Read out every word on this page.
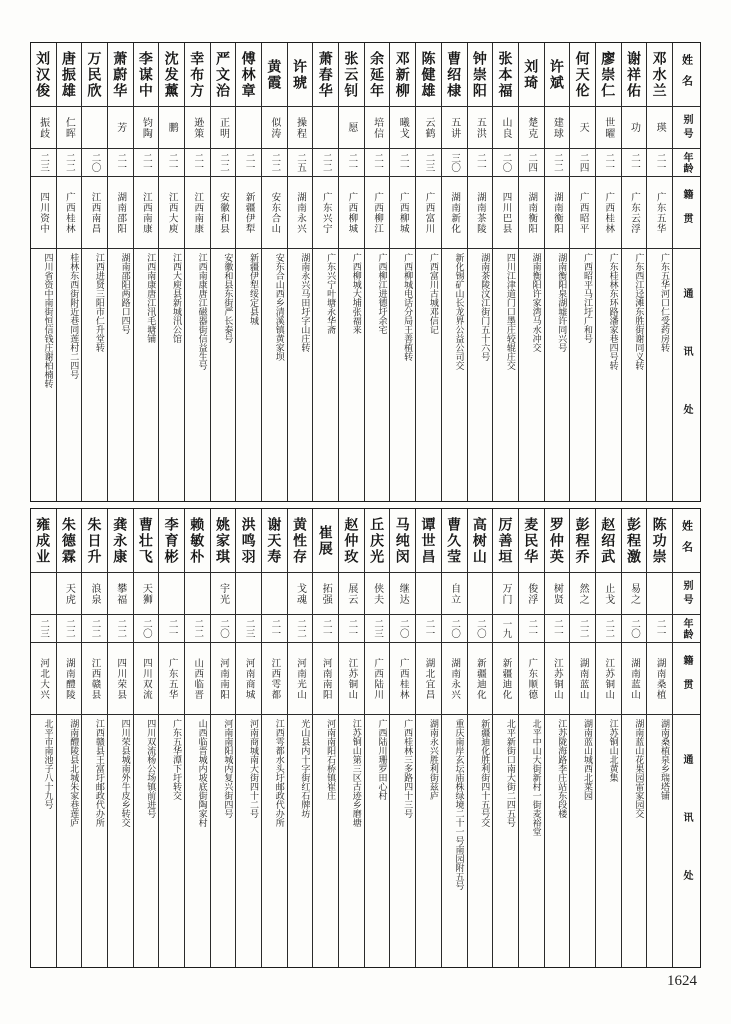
姓名
别号
年龄
籍贯
通讯处
邓水兰
瑛
二一
广东五华
广东五华河口仁受药房转
谢祥佑
功
二一
广东云浮
广东西江迳滩东胜街谢同义转
廖崇仁
世曜
二一
广西桂林
广东桂林东环路潘家巷四号转
何天伦
天
二四
广西昭平
广西昭平马江圩广和号
许斌
建球
二二
湖南衡阳
湖南衡阳泉湖墟许同兴号
刘琦
楚克
二四
湖南衡阳
湖南衡阳许家湾马水冲交
张本福
山良
二〇
四川巴县
四川江津道门口墨庄较辊庄交
钟崇阳
五洪
二一
湖南茶陵
湖南茶陵汶江街门五十六号
曹绍棣
五讲
三〇
湖南新化
新化锡矿山长龙界公益公司交
陈健雄
云鹤
二三
广西富川
广西富川古城邓信记
邓新柳
曦戈
二一
广西柳城
广西柳城电话分局王善植转
余延年
培信
二一
广西柳江
广西柳江进德圩余宅
张云钊
愿
二一
广西柳城
广西柳城大埔张福来
萧春华
二二
广东兴宁
广东兴宁叶塘永华斋
许琥
操程
二五
湖南永兴
湖南永兴马田圩字山庄转
黄霞
似涛
二二
安东合山
安东合山西乡清溪镇黄家坝
傅林章
二一
新疆伊犁
新疆伊犁绥定县城
严文治
正明
二二
安徽和县
安徽和县东街严长泰号
幸布方
逊策
二一
江西南康
江西南康唐江磁器街信益生号
沈发薰
鹏
二一
江西大庾
江西大庾县新城汛公馆
李谋中
钧陶
二一
江西南康
江西南康唐江汛毛塘铺
萧蔚华
芳
二一
湖南邵阳
湖南邵阳两路口四号
万民欣
二〇
江西南昌
江西进贤三阳市仁升堂转
唐振雄
仁晖
二二
广西桂林
桂林东西街附近巷同莲村二四号
刘汉俊
振歧
二三
四川资中
四川省资中南街恒信钱庄谢柏楠转
姓名
别号
年龄
籍贯
通讯处
陈功崇
二一
湖南桑植
湖南桑植泉乡瑞塔铺
彭程激
易之
二〇
湖南蓝山
湖南蓝山花果园雷家园交
赵绍武
止戈
二二
江苏铜山
江苏铜山北黄集
彭程乔
然之
二二
湖南蓝山
湖南蓝山城西北菜园
罗仲英
树贤
二一
江苏铜山
江苏陇海路李庄站东段楼
麦民华
俊浮
二一
广东顺德
北平中山大街新村一街麦裕堂
厉善垣
万门
一九
新疆迪化
北平新街口南大街二四五号
高树山
二〇
新疆迪化
新疆迪化胜利街四十五号交
曹久莹
自立
二〇
湖南永兴
重庆南岸玄坛庙株绿境二十一号南园附五号
谭世昌
二一
湖北宜昌
湖南永兴胜利街兹庐
马纯闵
继达
二〇
广西桂林
广西桂林三多路四十三号
丘庆光
侠夫
二三
广西陆川
广西陆川珊罗田心村
赵仲玫
展云
二一
江苏铜山
江苏铜山第三区古迹乡磨塘
崔展
拓强
二一
河南南阳
河南南阳石桥镇崔庄
黄性存
戈魂
二二
河南光山
光山县内十字街红石牌坊
谢天寿
二一
江西雩都
江西雩都水头圩邮政代办所
洪鸣羽
二三
河南商城
河南商城南大街四十二号
姚家琪
宇光
二〇
河南南阳
河南南阳城内复兴街四号
赖敏朴
二二
山西临晋
山西临晋城内坡底街陶家村
李育彬
二一
广东五华
广东五华潭下圩转交
曹壮飞
天狮
二〇
四川双流
四川双流杨公场镇前进号
龚永康
攀福
二二
四川荣县
四川荣县城南外牛皮乡转交
朱日升
浪泉
二二
江西赣县
江西赣县王富圩邮政代办所
朱德霖
天虎
二二
湖南醴陵
湖南醴陵县北城朱家巷莲庐
雍成业
二三
河北大兴
北平市南池子八十九号
1624
